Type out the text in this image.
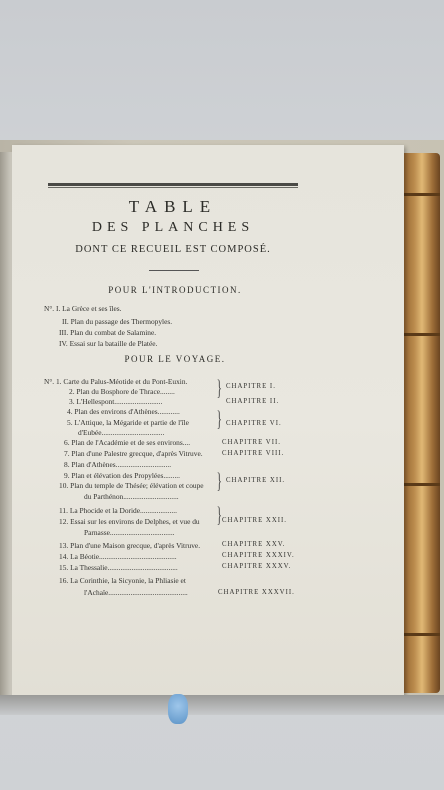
TABLE
DES PLANCHES
DONT CE RECUEIL EST COMPOSÉ.
POUR L'INTRODUCTION.
N°. I. La Grèce et ses îles.
II. Plan du passage des Thermopyles.
III. Plan du combat de Salamine.
IV. Essai sur la bataille de Platée.
POUR LE VOYAGE.
N°. 1. Carte du Palus-Méotide et du Pont-Euxin.
2. Plan du Bosphore de Thrace........
3. L'Hellespont..........................
4. Plan des environs d'Athènes............
5. L'Attique, la Mégaride et partie de l'île
d'Eubée..................................
6. Plan de l'Académie et de ses environs....
7. Plan d'une Palestre grecque, d'après Vitruve.
8. Plan d'Athènes..............................
9. Plan et élévation des Propylées.........
10. Plan du temple de Thésée; élévation et coupe
du Parthénon..............................
11. La Phocide et la Doride....................
12. Essai sur les environs de Delphes, et vue du
Parnasse...................................
13. Plan d'une Maison grecque, d'après Vitruve.
14. La Béotie..........................................
15. La Thessalie......................................
16. La Corinthie, la Sicyonie, la Phliasie et
l'Achaïe...........................................
}
}
}
}
CHAPITRE I.
CHAPITRE II.
CHAPITRE VI.
CHAPITRE VII.
CHAPITRE VIII.
CHAPITRE XII.
CHAPITRE XXII.
CHAPITRE XXV.
CHAPITRE XXXIV.
CHAPITRE XXXV.
CHAPITRE XXXVII.
